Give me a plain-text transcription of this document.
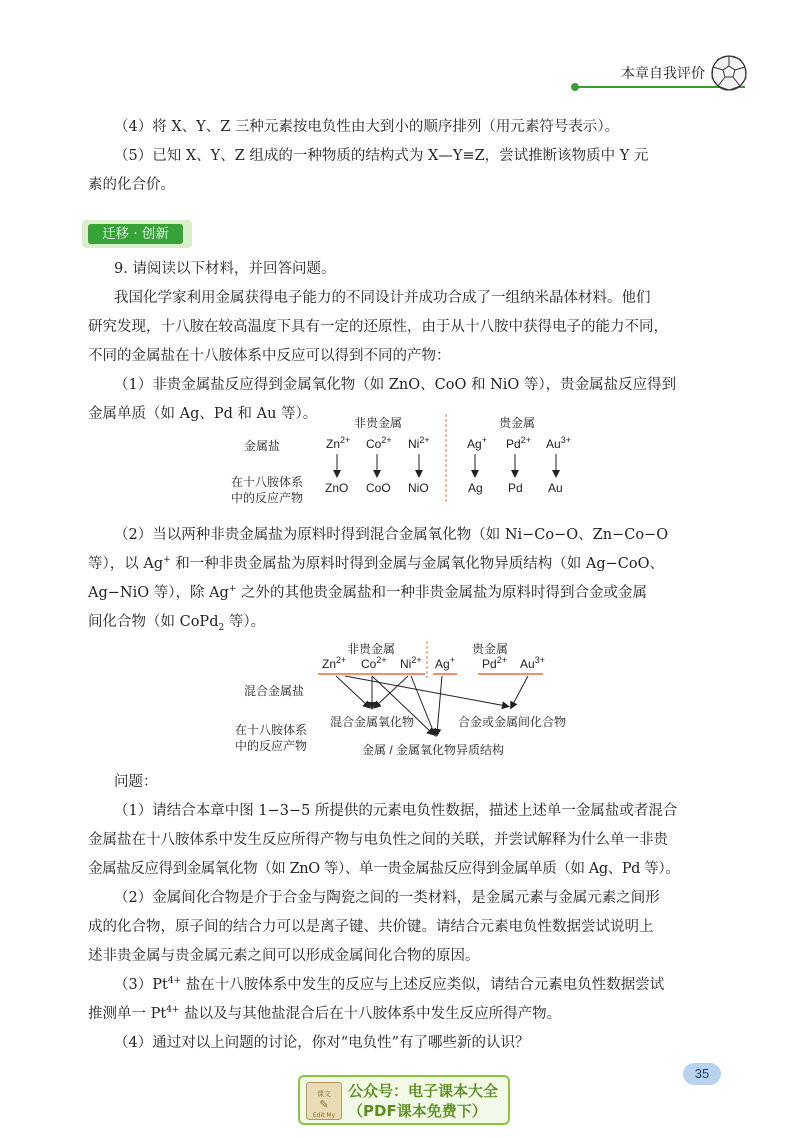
本章自我评价
（4）将 X、Y、Z 三种元素按电负性由大到小的顺序排列（用元素符号表示）。
（5）已知 X、Y、Z 组成的一种物质的结构式为 X—Y≡Z，尝试推断该物质中 Y 元
素的化合价。
迁移 · 创新
9. 请阅读以下材料，并回答问题。
我国化学家利用金属获得电子能力的不同设计并成功合成了一组纳米晶体材料。他们
研究发现，十八胺在较高温度下具有一定的还原性，由于从十八胺中获得电子的能力不同，
不同的金属盐在十八胺体系中反应可以得到不同的产物：
（1）非贵金属盐反应得到金属氧化物（如 ZnO、CoO 和 NiO 等），贵金属盐反应得到
金属单质（如 Ag、Pd 和 Au 等）。
非贵金属	贵金属
金属盐
在十八胺体系
中的反应产物
$Zn^{2+}$ $Co^{2+}$ $Ni^{2+}$	Ag+ $Pd^{2+}$ $Au^{3+}$
ZnO CoO NiO	Ag Pd Au
（2）当以两种非贵金属盐为原料时得到混合金属氧化物（如 Ni−Co−O、Zn−Co−O
等），以 Ag+ 和一种非贵金属盐为原料时得到金属与金属氧化物异质结构（如 Ag−CoO、
Ag−NiO 等），除 Ag+ 之外的其他贵金属盐和一种非贵金属盐为原料时得到合金或金属
间化合物（如 CoPd$_2$ 等）。
非贵金属	贵金属
$Zn^{2+}$ $Co^{2+}$ $Ni^{2+}$ Ag+ $Pd^{2+}$ $Au^{3+}$
混合金属盐
在十八胺体系
中的反应产物
混合金属氧化物	合金或金属间化合物
金属 / 金属氧化物异质结构
问题：
（1）请结合本章中图 1−3−5 所提供的元素电负性数据，描述上述单一金属盐或者混合
金属盐在十八胺体系中发生反应所得产物与电负性之间的关联，并尝试解释为什么单一非贵
金属盐反应得到金属氧化物（如 ZnO 等）、单一贵金属盐反应得到金属单质（如 Ag、Pd 等）。
（2）金属间化合物是介于合金与陶瓷之间的一类材料，是金属元素与金属元素之间形
成的化合物，原子间的结合力可以是离子键、共价键。请结合元素电负性数据尝试说明上
述非贵金属与贵金属元素之间可以形成金属间化合物的原因。
$(3)Pt^{4+}$ 盐在十八胺体系中发生的反应与上述反应类似，请结合元素电负性数据尝试
推测单一 $Pt^{4+}$ 盐以及与其他盐混合后在十八胺体系中发生反应所得产物。
（4）通过对以上问题的讨论，你对“电负性”有了哪些新的认识？
35
课文
✎
Edit My
公众号：电子课本大全
（PDF课本免费下）
